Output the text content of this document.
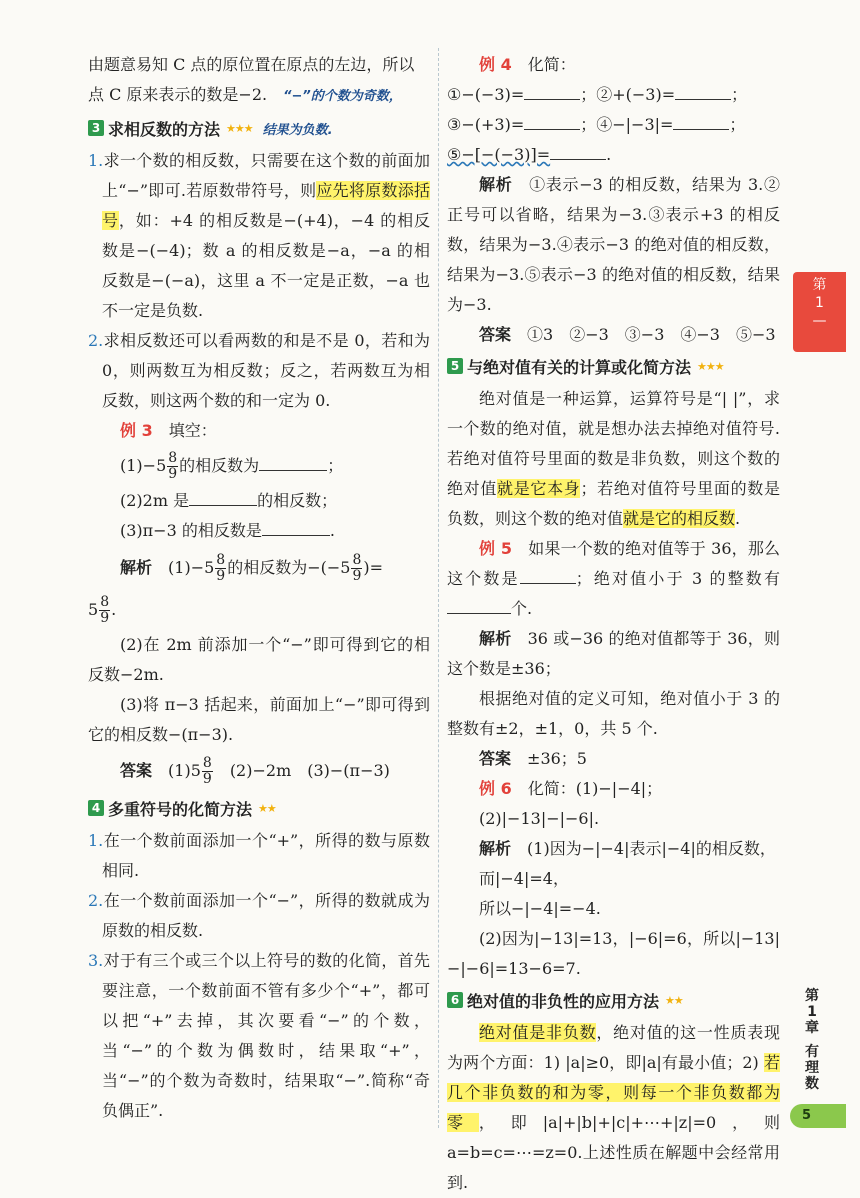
由题意易知 C 点的原位置在原点的左边，所以
点 C 原来表示的数是−2.　 “−”的个数为奇数，
3 求相反数的方法 ★★★ 结果为负数.

1.求一个数的相反数，只需要在这个数的前面加上“−”即可.若原数带符号，则应先将原数添括号，如：+4 的相反数是−(+4)，−4 的相反数是−(−4)；数 a 的相反数是−a，−a 的相反数是−(−a)，这里 a 不一定是正数，−a 也不一定是负数.

2.求相反数还可以看两数的和是不是 0，若和为 0，则两数互为相反数；反之，若两数互为相反数，则这两个数的和一定为 0.

例 3　 填空：
$(1)-5 \frac{8}{9}$ 的相反数为	；
(2)2m 是	的相反数；
(3)π−3 的相反数是	.
解析　 $(1)-5 \frac{8}{9}$ 的相反数为$-(-5 \frac{8}{9}$ )=
$5 \frac{8}{9}$ .

(2)在 2m 前添加一个“−”即可得到它的相反数−2m.

(3)将 π−3 括起来，前面加上“−”即可得到它的相反数−(π−3).

答案　 $(1)5 \frac{8}{9}$
　 (2)−2m　(3)−(π−3)
4 多重符号的化简方法 ★★

1.在一个数前面添加一个“+”，所得的数与原数相同.

2.在一个数前面添加一个“−”，所得的数就成为原数的相反数.

3.对于有三个或三个以上符号的数的化简，首先要注意，一个数前面不管有多少个“+”，都可以把“+”去掉，其次要看“−”的个数，当“−”的个数为偶数时，结果取“+”，当“−”的个数为奇数时，结果取“−”.简称“奇负偶正”.

例 4　 化简：
①−(−3)=	；②+(−3)=	；
③−(+3)=	；④−|−3|=	；
⑤−[−(−3)]=	.

解析　 ①表示−3 的相反数，结果为 3.②正号可以省略，结果为−3.③表示+3 的相反数，结果为−3.④表示−3 的绝对值的相反数，结果为−3.⑤表示−3 的绝对值的相反数，结果为−3.

答案　 ①3　②−3　③−3　④−3　⑤−3
5 与绝对值有关的计算或化简方法 ★★★

绝对值是一种运算，运算符号是“| |”，求一个数的绝对值，就是想办法去掉绝对值符号.若绝对值符号里面的数是非负数，则这个数的绝对值就是它本身；若绝对值符号里面的数是负数，则这个数的绝对值就是它的相反数.

例 5　 如果一个数的绝对值等于 36，那么这个数是	；绝对值小于 3 的整数有个.

解析　 36 或−36 的绝对值都等于 36，则这个数是±36；

根据绝对值的定义可知，绝对值小于 3 的整数有±2，±1，0，共 5 个.

答案　 ±36；5
例 6　 化简：(1)−|−4|；
(2)|−13|−|−6|.
解析　 (1)因为−|−4|表示|−4|的相反数，
而|−4|=4，
所以−|−4|=−4.

(2)因为|−13|=13，|−6|=6，所以|−13|−|−6|=13−6=7.

6 绝对值的非负性的应用方法 ★★

绝对值是非负数，绝对值的这一性质表现为两个方面：1) |a|≥0，即|a|有最小值；2) 若几个非负数的和为零，则每一个非负数都为零，即|a|+|b|+|c|+⋯+|z|=0，则 a=b=c=⋯=z=0.上述性质在解题中会经常用到.

第
1
—
第
1
章
有
理
数
5
